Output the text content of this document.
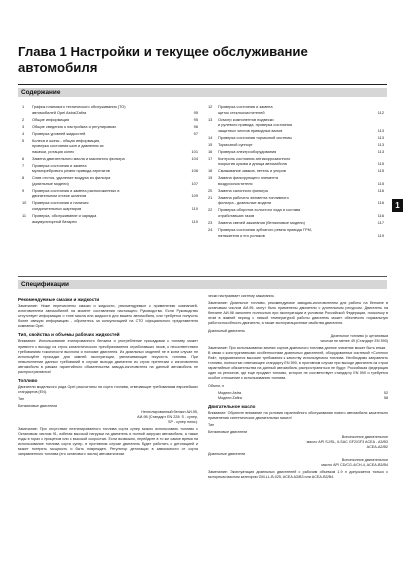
Глава 1 Настройки и текущее обслуживание автомобиля
Содержание
1	График планового технического обслуживания (ТО)
автомобилей Opel Astra/Zafira	95
2	Общие информация	95
3	Общие сведения о настройках и регулировках	96
4	Проверка уровней жидкостей	97
5	Колеса и шины - общая информация,
проверка состояния шин и давления их
накачки, ротация колес	101
6	Замена двигательного масла и масляного фильтра	104
7	Проверка состояния и замена
мультиребрового ремня привода агрегатов	106
8	Слив отстоя, удаление воздуха из фильтра
(дизельные модели)	107
9	Проверка состояния и замена расположенных в
двигательном отсеке шлангов	109
10	Проверка состояния и наличия
соединительных шарниров	110
11	Проверка, обслуживание и зарядка
аккумуляторной батареи	110
12	Проверка состояния и замена
щеток стеклоочистителей	112
13	Осмотр компонентов подвески
и рулевого привода, проверка состояния
защитных чехлов приводных валов	113
14	Проверка состояния тормозной системы	113
15	Тормозной суппорт	113
16	Проверка электрооборудования	113
17	Контроль состояния антикоррозионного
покрытия кузова и днища автомобиля	115
18	Смазывание замков, петель и упоров	115
19	Замена фильтрующего элемента
воздухоочистителя	115
20	Замена салонного фильтра	116
21	Замена рабочего элемента топливного
фильтра - дизельные модели	116
22	Проверка оборотов холостого хода и состава
отработавших газов	116
23	Замена свечей зажигания (бензиновые модели)	117
24	Проверка состояния зубчатого ремня привода ГРМ,
натяжителя и его роликов	119
1
Спецификации
Рекомендуемые смазки и жидкости
Замечание: Ниже перечислены смазки и жидкости, рекомендуемые к применению компанией-изготовителем автомобилей на момент составления настоящего Руководства. Если Руководство отсутствует информация о типе масла или жидкости для вашего автомобиля, или требуется получить более свежую информацию - обратитесь за консультацией на СТО официального представителя компании Opel.
Тип, свойства и объемы рабочих жидкостей
Внимание: Использование этилированного бензина и употребление присадками к топливу может привести к выходу из строя каталитического преобразователя отработавших газов, к несоответствию требованиям токсичности выхлопа и поломке двигателя. Из дизельных моделей не в коем случае не используйте присадки для зимней эксплуатации, увеличивающие текучесть топлива. При невыполнении данных требований в случае выхода двигателя из строя претензии к изготовителю автомобиля в рамках гарантийного обязательства завода-изготовителя на данный автомобиль не распространяются!
Топливо
Двигатели модельного ряда Opel рассчитаны на сорта топлива, отвечающие требованиям европейских стандартов (EN).
Тип
Бензиновые двигатели
Неэтилированный бензин АИ-95,
АИ-98 (Стандарт EN 228: S - супер,
SP - супер плюс).
Замечание: При отсутствии неэтилированного топлива сорта супер можно использовать топливо с Октановым числом 91, избегая высокой нагрузки на двигатель и полной загрузки автомобиля, а также езды в горах с прицепом или с высокой скоростью. Если возможно, перейдите в то же самое время на использование топлива сорта супер, в противном случае двигатель будет работать с детонацией и может потерять мощность и быть поврежден. Регулятор детонации в зависимости от сорта заправленного топлива (его октанового числа) автоматически
чески настраивает систему зажигания.
Замечание: Дизельное топливо, рекомендуемое заводом-изготовителем для работы на бензине в октановым числом АИ-95, могут быть применены двигатели с длительным ресурсом. Двигатель на бензине АИ-98 заполнен полностью при эксплуатации в условиях Российской Федерации, поскольку в этом в зимний период с низкой температурой работы двигатель может обеспечить нормальную работоспособность двигателя, а также эксплуатационные свойства двигателя.
Дизельный двигатель
Дизельное топливо (с цетановым
числом не менее 49 (Стандарт EN 590)
Замечание: При использовании зимних сортов дизельного топлива данное значение может быть иным.
В связи с конструктивными особенностями дизельных двигателей, оборудованных системой «Common Rail», предъявляются высокие требования к качеству используемого топлива. Необходимо заправлять топливо, полностью отвечающее стандарту EN 590, в противном случае при выходе двигателя из строя гарантийные обязательства на данный автомобиль распространяться не будут. Российская федерация один из регионов, где еще продают топливо, которое не соответствует стандарту EN 590 и требуется особое отношение к использованию топлива.
Объем, л
Модели Astra	52
Модели Zafira	58
Двигательное масло
Внимание: Обратите внимание на условия гарантийного обслуживания нового автомобиля касательно применения синтетических двигательных масел!
Тип
Бензиновые двигатели
Всесезонное двигательное
масло API SJ/SL, ILSAC GF2/GF3 ACEA - A3/B3
ACEA-A2/B2
Дизельные двигатели
Всесезонное двигательное
масло API CD/CG-4/CH-4, ACEA-B3/B4
Замечание: Эксплуатация дизельных двигателей с рабочим объемом 1.9 л допускается только с моторным маслом категории GM-LL-B-025, ACEA A3/B3 или ACEA-B3/B4.
